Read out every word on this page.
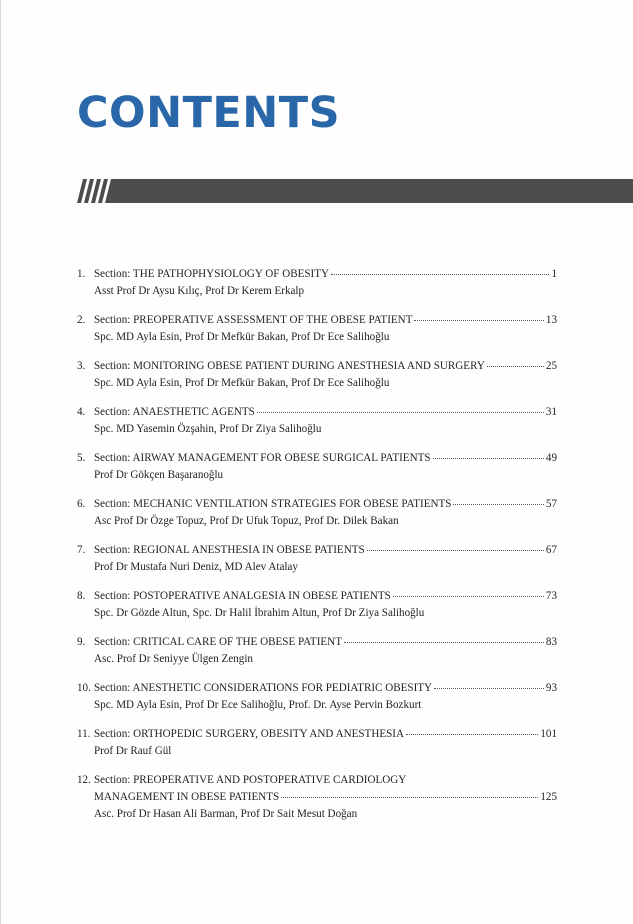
CONTENTS
1. Section: THE PATHOPHYSIOLOGY OF OBESITY	1
Asst Prof Dr Aysu Kılıç, Prof Dr Kerem Erkalp
2. Section: PREOPERATIVE ASSESSMENT OF THE OBESE PATIENT	13
Spc. MD Ayla Esin, Prof Dr Mefkür Bakan, Prof Dr Ece Salihoğlu
3. Section: MONITORING OBESE PATIENT DURING ANESTHESIA AND SURGERY	25
Spc. MD Ayla Esin, Prof Dr Mefkür Bakan, Prof Dr Ece Salihoğlu
4. Section: ANAESTHETIC AGENTS	31
Spc. MD Yasemin Özşahin, Prof Dr Ziya Salihoğlu
5. Section: AIRWAY MANAGEMENT FOR OBESE SURGICAL PATIENTS	49
Prof Dr Gökçen Başaranoğlu
6. Section: MECHANIC VENTILATION STRATEGIES FOR OBESE PATIENTS	57
Asc Prof Dr Özge Topuz, Prof Dr Ufuk Topuz, Prof Dr. Dilek Bakan
7. Section: REGIONAL ANESTHESIA IN OBESE PATIENTS	67
Prof Dr Mustafa Nuri Deniz, MD Alev Atalay
8. Section: POSTOPERATIVE ANALGESIA IN OBESE PATIENTS	73
Spc. Dr Gözde Altun, Spc. Dr Halil İbrahim Altun, Prof Dr Ziya Salihoğlu
9. Section: CRITICAL CARE OF THE OBESE PATIENT	83
Asc. Prof Dr Seniyye Ülgen Zengin
10. Section: ANESTHETIC CONSIDERATIONS FOR PEDIATRIC OBESITY	93
Spc. MD Ayla Esin, Prof Dr Ece Salihoğlu, Prof. Dr. Ayse Pervin Bozkurt
11. Section: ORTHOPEDIC SURGERY, OBESITY AND ANESTHESIA	101
Prof Dr Rauf Gül
12. Section: PREOPERATIVE AND POSTOPERATIVE CARDIOLOGY
MANAGEMENT IN OBESE PATIENTS	125
Asc. Prof Dr Hasan Ali Barman, Prof Dr Sait Mesut Doğan
